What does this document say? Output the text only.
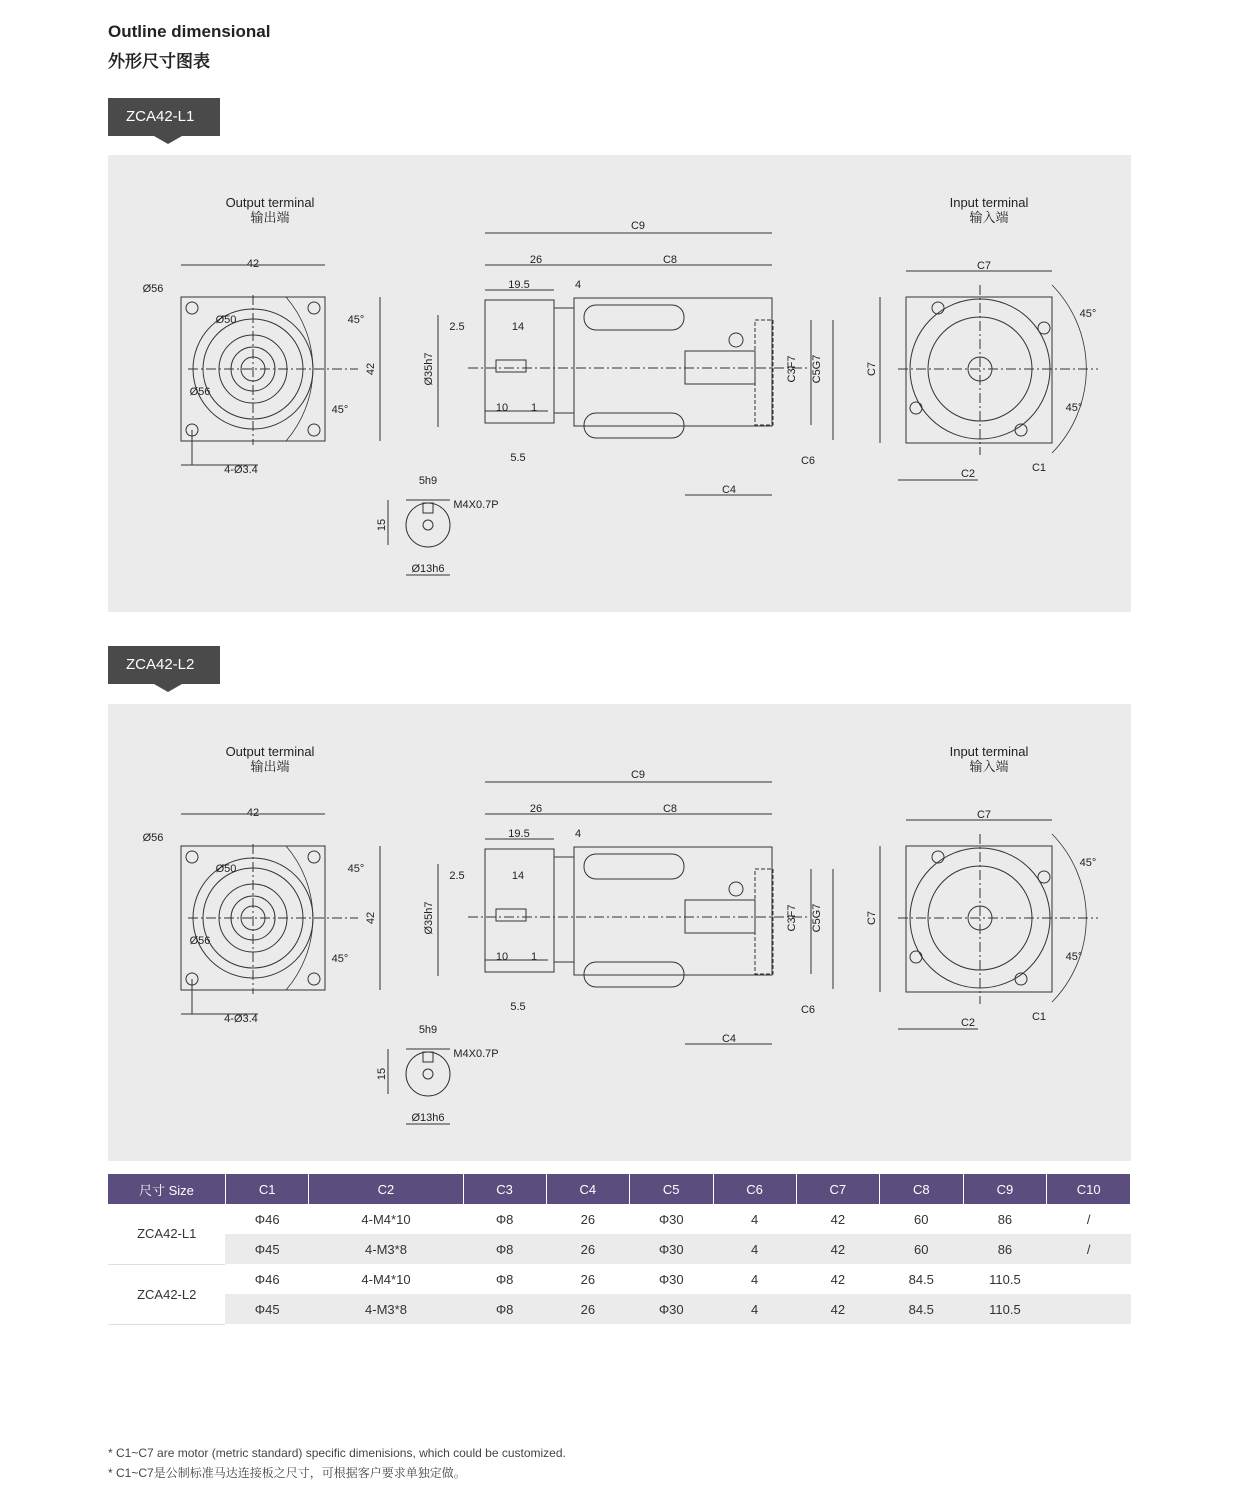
Outline dimensional
外形尺寸图表
ZCA42-L1
Output terminal
输出端
Input terminal
输入端
42
Ø56
Ø50
Ø56
45°
45°
42
4-Ø3.4
C9
26	C8
19.5	4
2.5	14
Ø35h7
10 1
5.5
C3F7 C5G7
C6
C4
C7
C7
C2	C1
45°
45°
5h9
M4X0.7P
15
Ø13h6
ZCA42-L2
Output terminal
输出端
Input terminal
输入端
42
Ø56
Ø50
Ø56
45°
45°
42
4-Ø3.4
C9
26	C8
19.5	4
2.5	14
Ø35h7
10 1
5.5
C3F7 C5G7
C6
C4
C7
C7
C2	C1
45°
45°
5h9
M4X0.7P
15
Ø13h6
尺寸 Size	C1	C2	C3	C4	C5	C6	C7	C8	C9	C10
ZCA42-L1	Φ46	4-M4*10	Φ8	26	Φ30	4	42	60	86	/
	Φ45	4-M3*8	Φ8	26	Φ30	4	42	60	86	/
ZCA42-L2	Φ46	4-M4*10	Φ8	26	Φ30	4	42	84.5	110.5	
	Φ45	4-M3*8	Φ8	26	Φ30	4	42	84.5	110.5	
* C1~C7 are motor (metric standard) specific dimenisions, which could be customized.
* C1~C7是公制标准马达连接板之尺寸，可根据客户要求单独定做。
